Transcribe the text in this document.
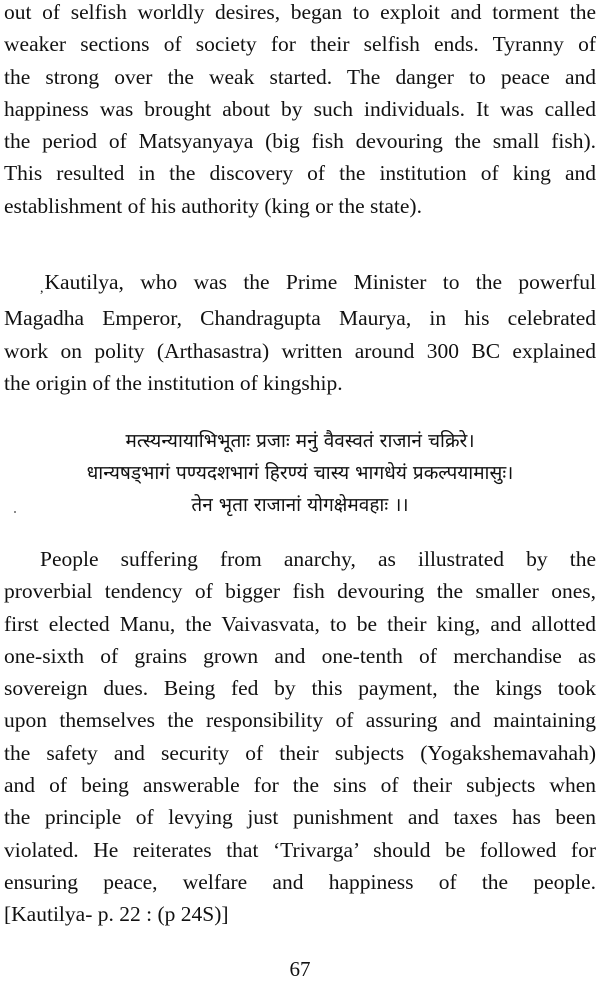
out of selfish worldly desires, began to exploit and torment the
weaker sections of society for their selfish ends. Tyranny of
the strong over the weak started. The danger to peace and
happiness was brought about by such individuals. It was called
the period of Matsyanyaya (big fish devouring the small fish).
This resulted in the discovery of the institution of king and
establishment of his authority (king or the state).

,Kautilya, who was the Prime Minister to the powerful
Magadha Emperor, Chandragupta Maurya, in his celebrated
work on polity (Arthasastra) written around 300 BC explained
the origin of the institution of kingship.

मत्स्यन्यायाभिभूताः प्रजाः मनुं वैवस्वतं राजानं चक्रिरे।
धान्यषड्भागं पण्यदशभागं हिरण्यं चास्य भागधेयं प्रकल्पयामासुः।
तेन भृता राजानां योगक्षेमवहाः ।।

People suffering from anarchy, as illustrated by the
proverbial tendency of bigger fish devouring the smaller ones,
first elected Manu, the Vaivasvata, to be their king, and allotted
one-sixth of grains grown and one-tenth of merchandise as
sovereign dues. Being fed by this payment, the kings took
upon themselves the responsibility of assuring and maintaining
the safety and security of their subjects (Yogakshemavahah)
and of being answerable for the sins of their subjects when
the principle of levying just punishment and taxes has been
violated. He reiterates that ‘Trivarga’ should be followed for
ensuring peace, welfare and happiness of the people.
[Kautilya- p. 22 : (p 24S)]

67
